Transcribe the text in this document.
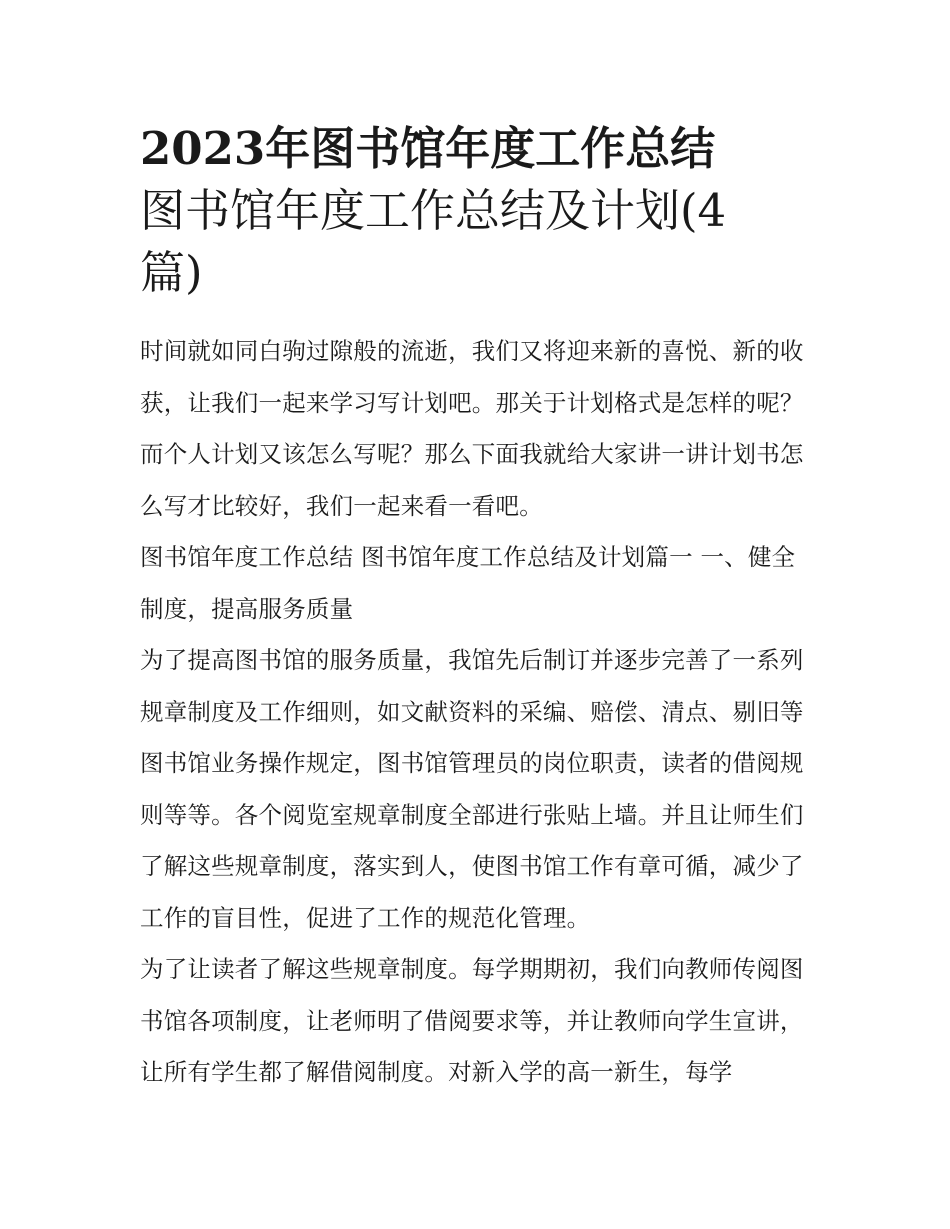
2023年图书馆年度工作总结
图书馆年度工作总结及计划(4
篇)

时间就如同白驹过隙般的流逝，我们又将迎来新的喜悦、新的收获，让我们一起来学习写计划吧。那关于计划格式是怎样的呢？而个人计划又该怎么写呢？那么下面我就给大家讲一讲计划书怎么写才比较好，我们一起来看一看吧。

图书馆年度工作总结 图书馆年度工作总结及计划篇一 一、健全制度，提高服务质量

为了提高图书馆的服务质量，我馆先后制订并逐步完善了一系列规章制度及工作细则，如文献资料的采编、赔偿、清点、剔旧等图书馆业务操作规定，图书馆管理员的岗位职责，读者的借阅规则等等。各个阅览室规章制度全部进行张贴上墙。并且让师生们了解这些规章制度，落实到人，使图书馆工作有章可循，减少了工作的盲目性，促进了工作的规范化管理。

为了让读者了解这些规章制度。每学期期初，我们向教师传阅图书馆各项制度，让老师明了借阅要求等，并让教师向学生宣讲，让所有学生都了解借阅制度。对新入学的高一新生，每学
